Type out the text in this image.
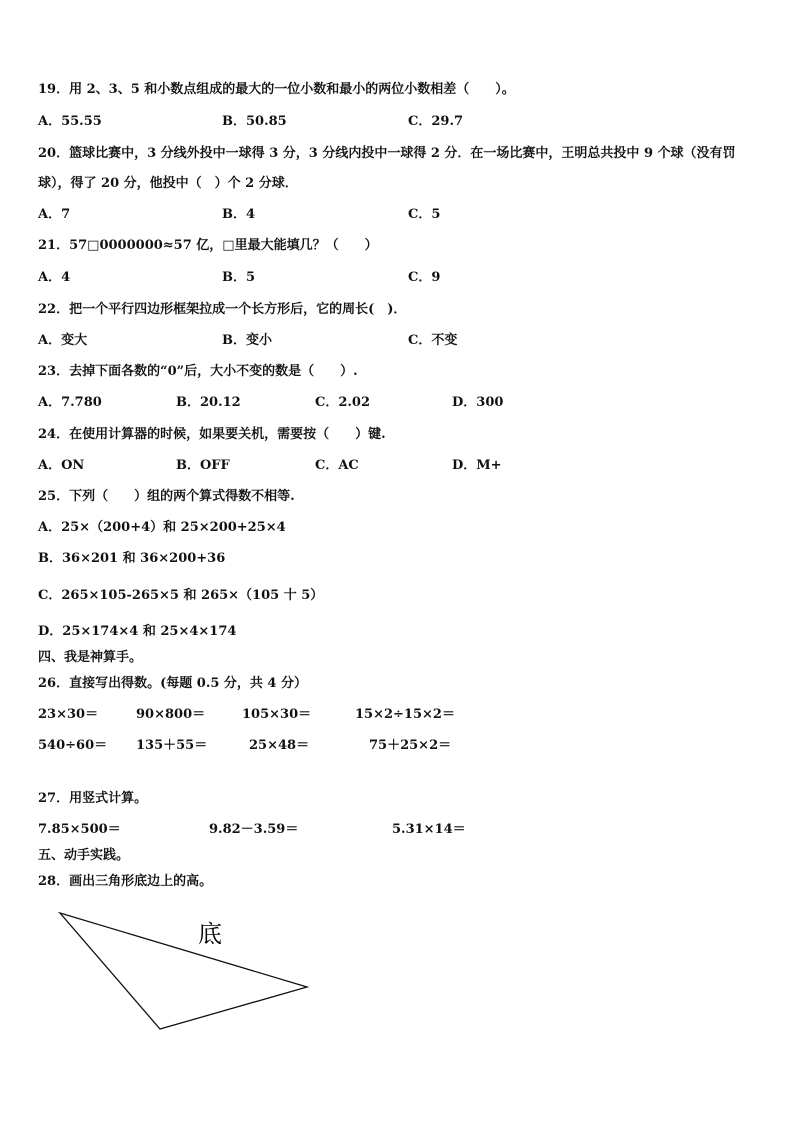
19．用 2、3、5 和小数点组成的最大的一位小数和最小的两位小数相差（　　）。
A．55.55	B．50.85	C．29.7
20．篮球比赛中，3 分线外投中一球得 3 分，3 分线内投中一球得 2 分．在一场比赛中，王明总共投中 9 个球（没有罚
球），得了 20 分，他投中（　）个 2 分球．
A．7	B．4	C．5
21．57□0000000≈57 亿，□里最大能填几？（　　）
A．4	B．5	C．9
22．把一个平行四边形框架拉成一个长方形后，它的周长(　)．
A．变大	B．变小	C．不变
23．去掉下面各数的“0”后，大小不变的数是（　　）.
A．7.780	B．20.12	C．2.02	D．300
24．在使用计算器的时候，如果要关机，需要按（　　）键.
A．ON	B．OFF	C．AC	D．M+
25．下列（　　）组的两个算式得数不相等.
A．25×（200+4）和 25×200+25×4
B．36×201 和 36×200+36
C．265×105-265×5 和 265×（105 十 5）
D．25×174×4 和 25×4×174
四、我是神算手。
26．直接写出得数。(每题 0.5 分，共 4 分）
23×30＝	90×800＝	105×30＝	15×2÷15×2＝
540÷60＝ 135＋55＝	25×48＝	75＋25×2＝
27．用竖式计算。
7.85×500＝	9.82－3.59＝	5.31×14＝
五、动手实践。
28．画出三角形底边上的高。
底
